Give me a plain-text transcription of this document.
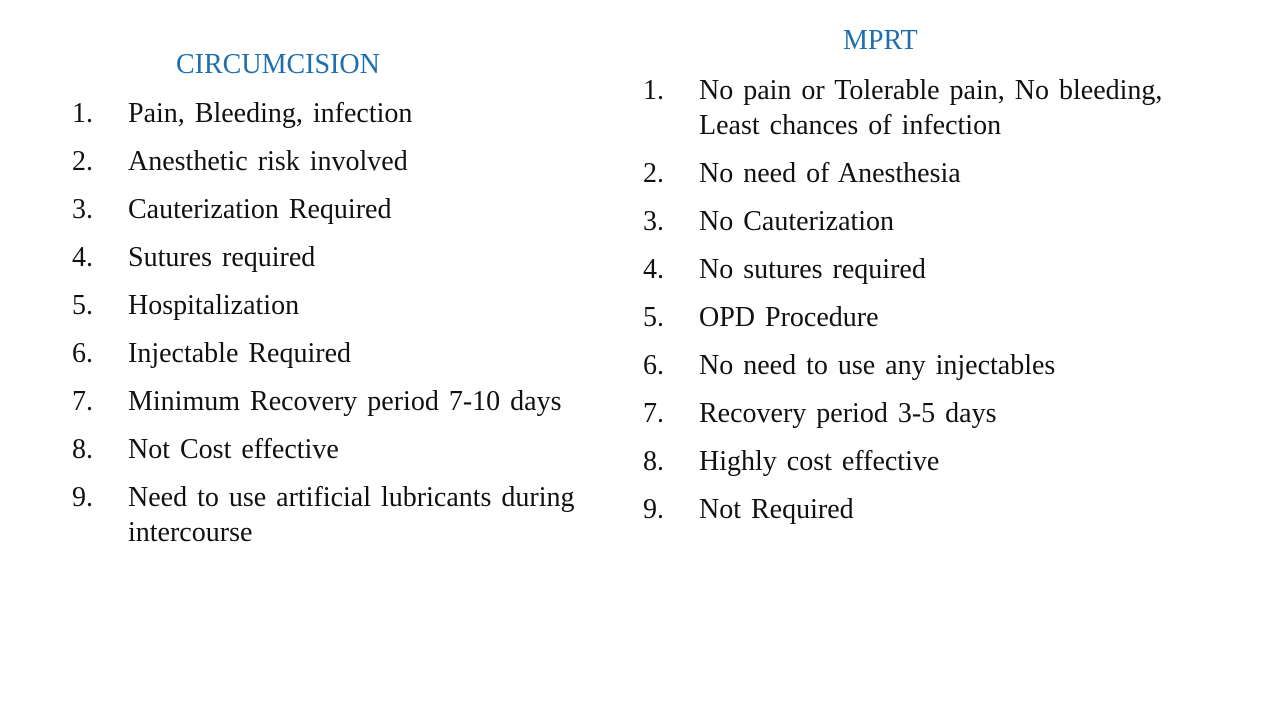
CIRCUMCISION
1.	Pain, Bleeding, infection
2.	Anesthetic risk involved
3.	Cauterization Required
4.	Sutures required
5.	Hospitalization
6.	Injectable Required
7.	Minimum Recovery period 7-10 days
8.	Not Cost effective
9.	Need to use artificial lubricants during intercourse
MPRT
1.	No pain or Tolerable pain, No bleeding, Least chances of infection
2.	No need of Anesthesia
3.	No Cauterization
4.	No sutures required
5.	OPD Procedure
6.	No need to use any injectables
7.	Recovery period 3-5 days
8.	Highly cost effective
9.	Not Required
